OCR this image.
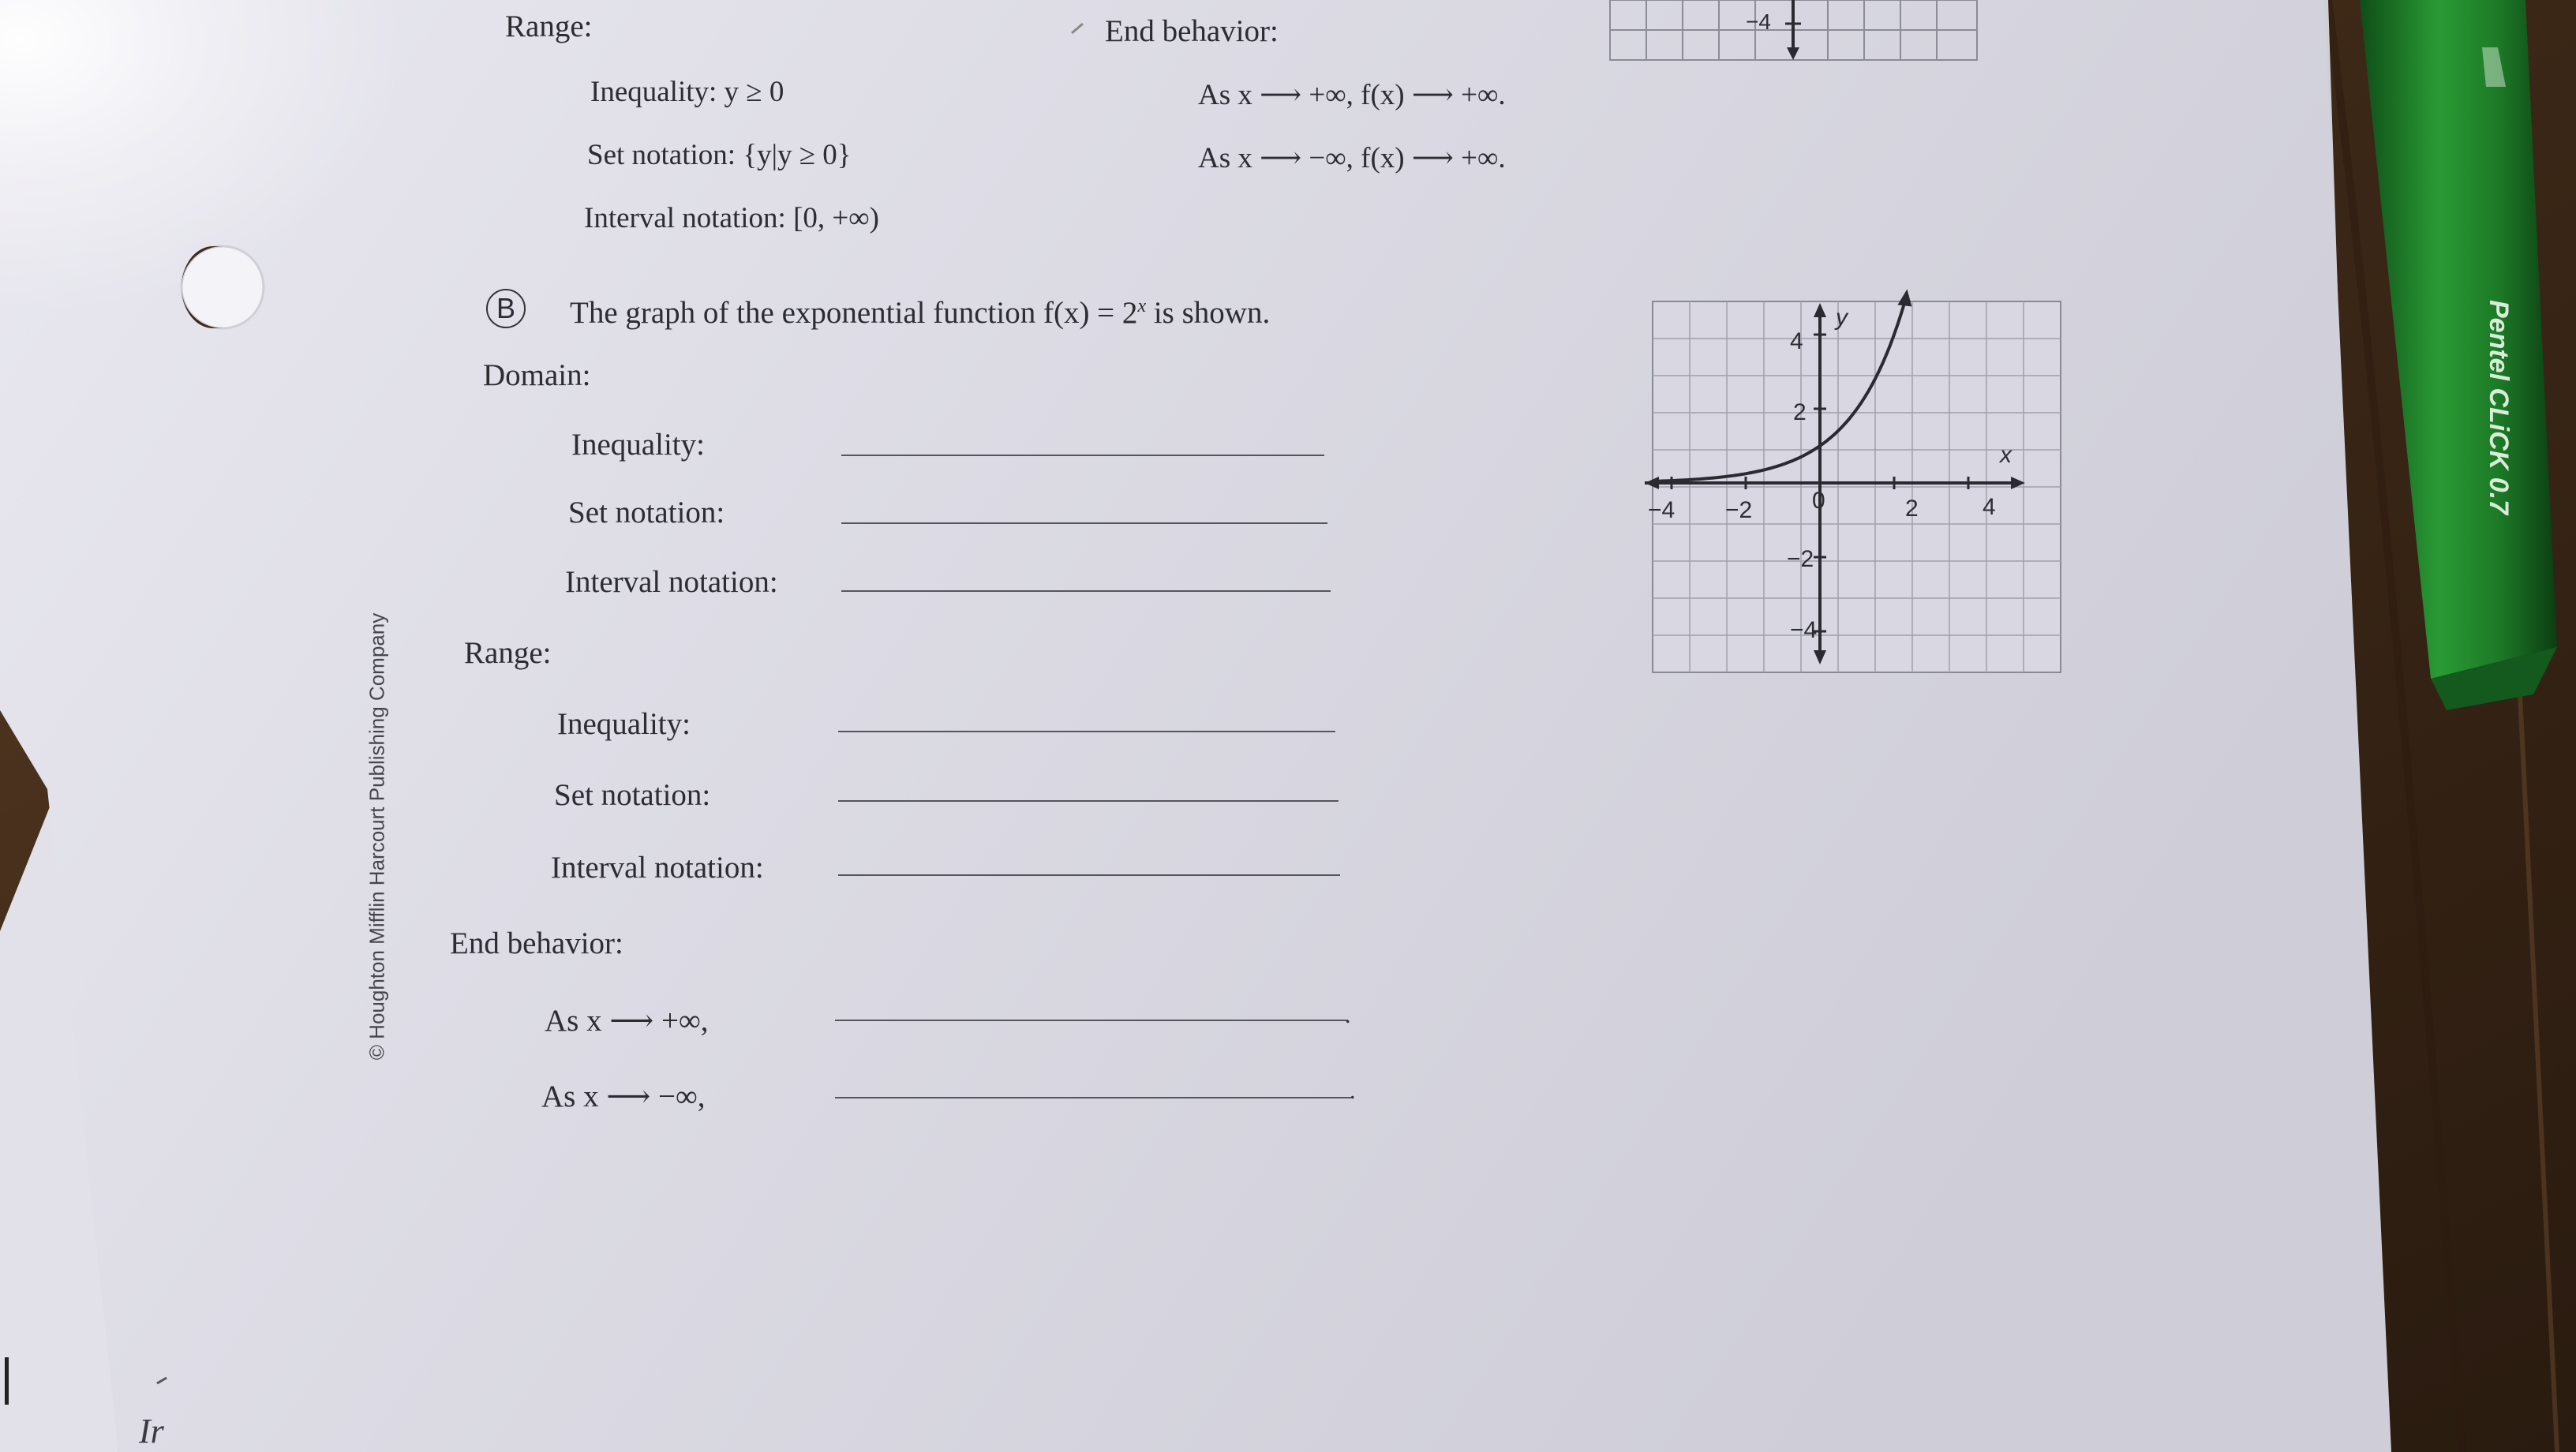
Pentel CLiCK 0.7
Range:
Inequality: y ≥ 0
Set notation: {y|y ≥ 0}
Interval notation: [0, +∞)
End behavior:
As x ⟶ +∞, f(x) ⟶ +∞.
As x ⟶ −∞, f(x) ⟶ +∞.
−4
B	The graph of the exponential function $f(x) = 2^x$ is shown.
Domain:
Inequality:
Set notation:
Interval notation:
Range:
Inequality:
Set notation:
Interval notation:
End behavior:
As x ⟶ +∞,	.
As x ⟶ −∞,	.
© Houghton Mifflin Harcourt Publishing Company
Ir
−4 −2	0	2	4
4
2
−2
−4
y
x
